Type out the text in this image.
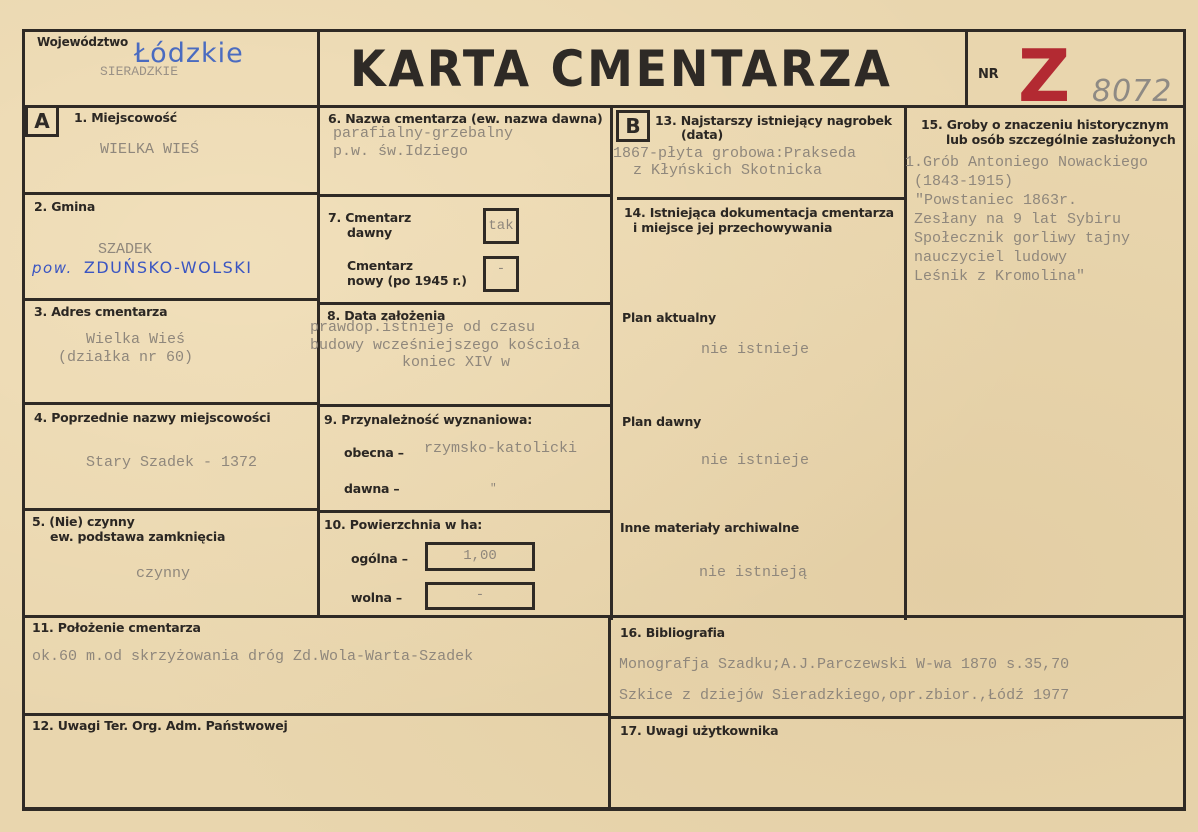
Województwo Łódzkie
SIERADZKIE	KARTA CMENTARZA	NR Z 8072
A	1. Miejscowość
WIELKA WIEŚ
2. Gmina
SZADEK
pow. ZDUŃSKO-WOLSKI
3. Adres cmentarza
Wielka Wieś
(działka nr 60)
4. Poprzednie nazwy miejscowości
Stary Szadek - 1372
5. (Nie) czynny
ew. podstawa zamknięcia
czynny
6. Nazwa cmentarza (ew. nazwa dawna)
parafialny-grzebalny
p.w. św.Idziego
7. Cmentarz
dawny	tak
Cmentarz
nowy (po 1945 r.)
-
8. Data założenia
prawdop.istnieje od czasu
budowy wcześniejszego kościoła
koniec XIV w
9. Przynależność wyznaniowa:
obecna – rzymsko-katolicki
dawna –	"
10. Powierzchnia w ha:
ogólna –	1,00
wolna –	-
B	13. Najstarszy istniejący nagrobek
(data)
1867-płyta grobowa:Prakseda
z Kłyńskich Skotnicka
14. Istniejąca dokumentacja cmentarza
i miejsce jej przechowywania
Plan aktualny
nie istnieje
Plan dawny
nie istnieje
Inne materiały archiwalne
nie istnieją
15. Groby o znaczeniu historycznym
lub osób szczególnie zasłużonych
1.Grób Antoniego Nowackiego
(1843-1915)
"Powstaniec 1863r.
Zesłany na 9 lat Sybiru
Społecznik gorliwy tajny
nauczyciel ludowy
Leśnik z Kromolina"
11. Położenie cmentarza
ok.60 m.od skrzyżowania dróg Zd.Wola-Warta-Szadek
12. Uwagi Ter. Org. Adm. Państwowej
16. Bibliografia
Monografja Szadku;A.J.Parczewski W-wa 1870 s.35,70
Szkice z dziejów Sieradzkiego,opr.zbior.,Łódź 1977
17. Uwagi użytkownika
